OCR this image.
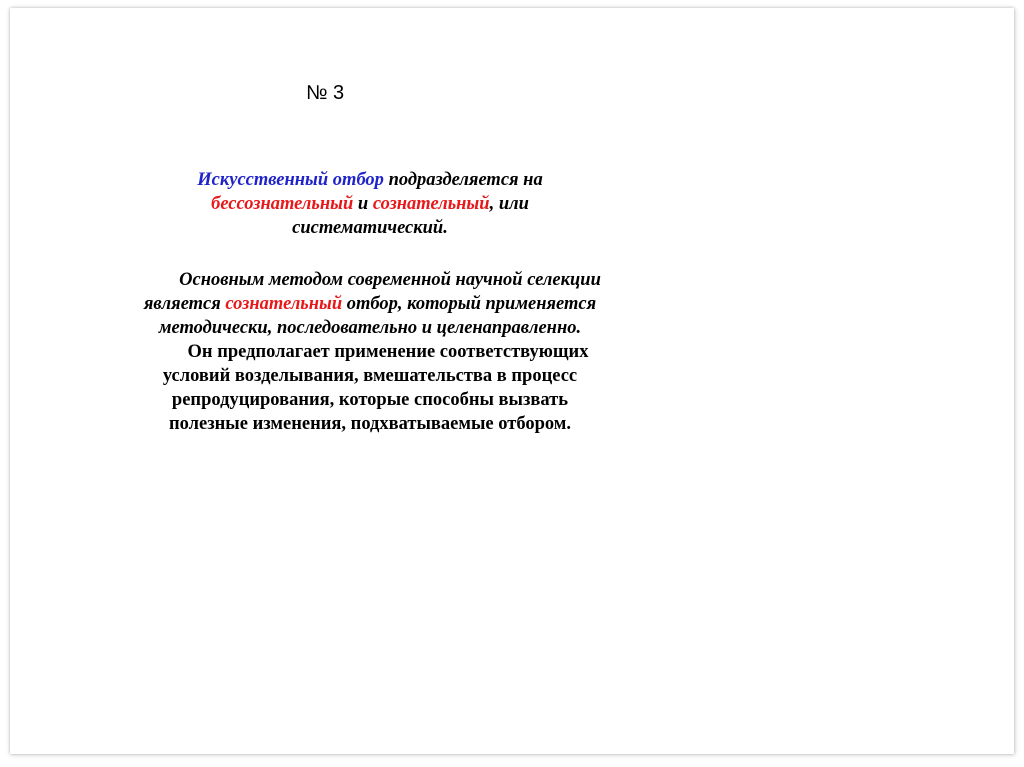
№ 3
Искусственный отбор подразделяется на
бессознательный и сознательный, или
систематический.
Основным методом современной научной селекции
является сознательный отбор, который применяется
методически, последовательно и целенаправленно.
Он предполагает применение соответствующих
условий возделывания, вмешательства в процесс
репродуцирования, которые способны вызвать
полезные изменения, подхватываемые отбором.
